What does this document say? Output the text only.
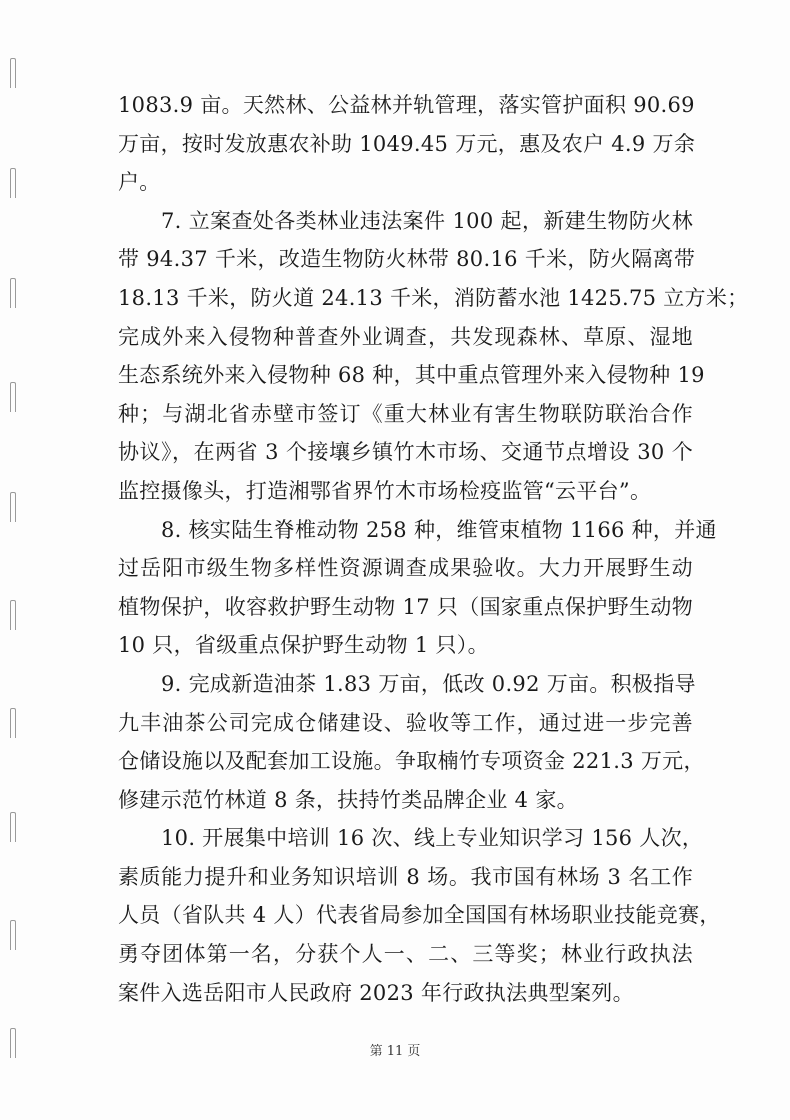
1083.9 亩。天然林、公益林并轨管理，落实管护面积 90.69
万亩，按时发放惠农补助 1049.45 万元，惠及农户 4.9 万余
户。
7. 立案查处各类林业违法案件 100 起，新建生物防火林
带 94.37 千米，改造生物防火林带 80.16 千米，防火隔离带
18.13 千米，防火道 24.13 千米，消防蓄水池 1425.75 立方米；
完成外来入侵物种普查外业调查，共发现森林、草原、湿地
生态系统外来入侵物种 68 种，其中重点管理外来入侵物种 19
种；与湖北省赤壁市签订《重大林业有害生物联防联治合作
协议》，在两省 3 个接壤乡镇竹木市场、交通节点增设 30 个
监控摄像头，打造湘鄂省界竹木市场检疫监管“云平台”。
8. 核实陆生脊椎动物 258 种，维管束植物 1166 种，并通
过岳阳市级生物多样性资源调查成果验收。大力开展野生动
植物保护，收容救护野生动物 17 只（国家重点保护野生动物
10 只，省级重点保护野生动物 1 只）。
9. 完成新造油茶 1.83 万亩，低改 0.92 万亩。积极指导
九丰油茶公司完成仓储建设、验收等工作，通过进一步完善
仓储设施以及配套加工设施。争取楠竹专项资金 221.3 万元，
修建示范竹林道 8 条，扶持竹类品牌企业 4 家。
10. 开展集中培训 16 次、线上专业知识学习 156 人次，
素质能力提升和业务知识培训 8 场。我市国有林场 3 名工作
人员（省队共 4 人）代表省局参加全国国有林场职业技能竞赛，
勇夺团体第一名，分获个人一、二、三等奖；林业行政执法
案件入选岳阳市人民政府 2023 年行政执法典型案列。
第 11 页
